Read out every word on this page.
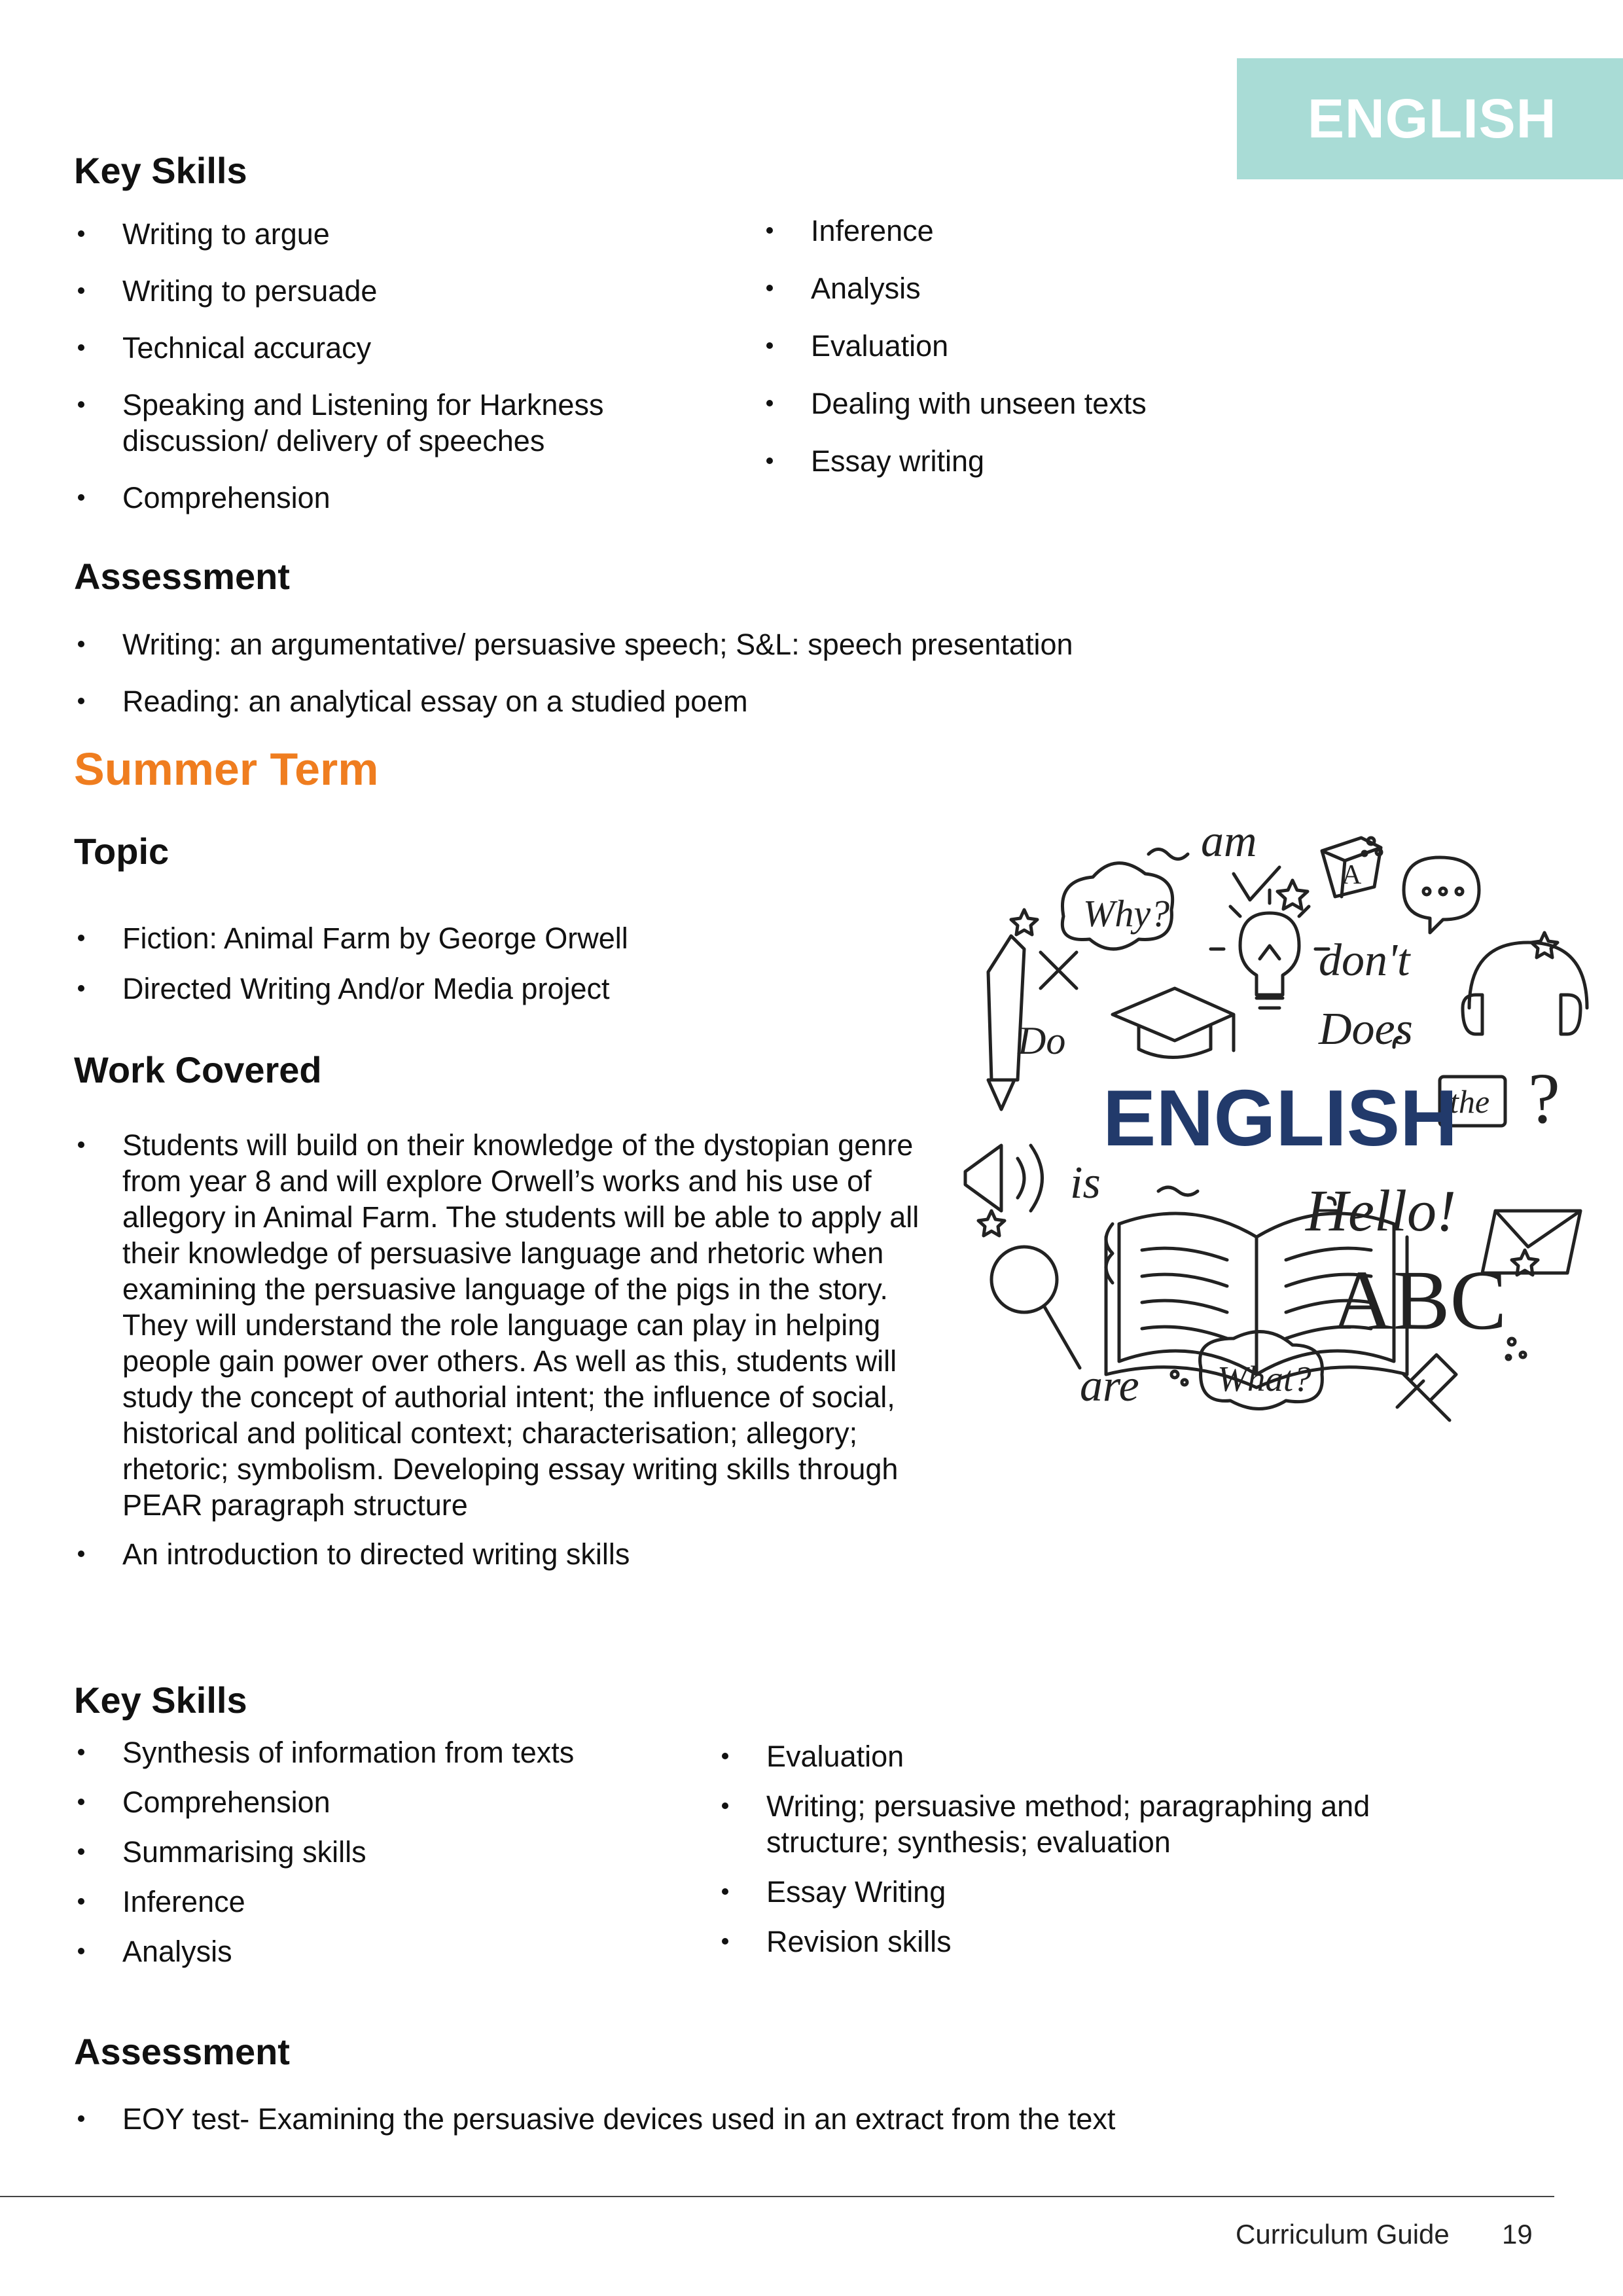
ENGLISH
Key Skills
Writing to argue
Writing to persuade
Technical accuracy
Speaking and Listening for Harkness discussion/ delivery of speeches
Comprehension
Inference
Analysis
Evaluation
Dealing with unseen texts
Essay writing
Assessment
Writing: an argumentative/ persuasive speech; S&L: speech presentation
Reading: an analytical essay on a studied poem
Summer Term
Topic
Fiction: Animal Farm by George Orwell
Directed Writing And/or Media project
Work Covered
Students will build on their knowledge of the dystopian genre from year 8 and will explore Orwell’s works and his use of allegory in Animal Farm. The students will be able to apply all their knowledge of persuasive language and rhetoric when examining the persuasive language of the pigs in the story. They will understand the role language can play in helping people gain power over others. As well as this, students will study the concept of authorial intent; the influence of social, historical and political context; characterisation; allegory; rhetoric; symbolism. Developing essay writing skills through PEAR paragraph structure
An introduction to directed writing skills
Key Skills
Synthesis of information from texts
Comprehension
Summarising skills
Inference
Analysis
Evaluation
Writing; persuasive method; paragraphing and structure; synthesis; evaluation
Essay Writing
Revision skills
Assessment
EOY test- Examining the persuasive devices used in an extract from the text
am
Why?
A
don't
Does
Do
the ?
is	Hello!
ABC
are What?
ENGLISH
Curriculum Guide 19
